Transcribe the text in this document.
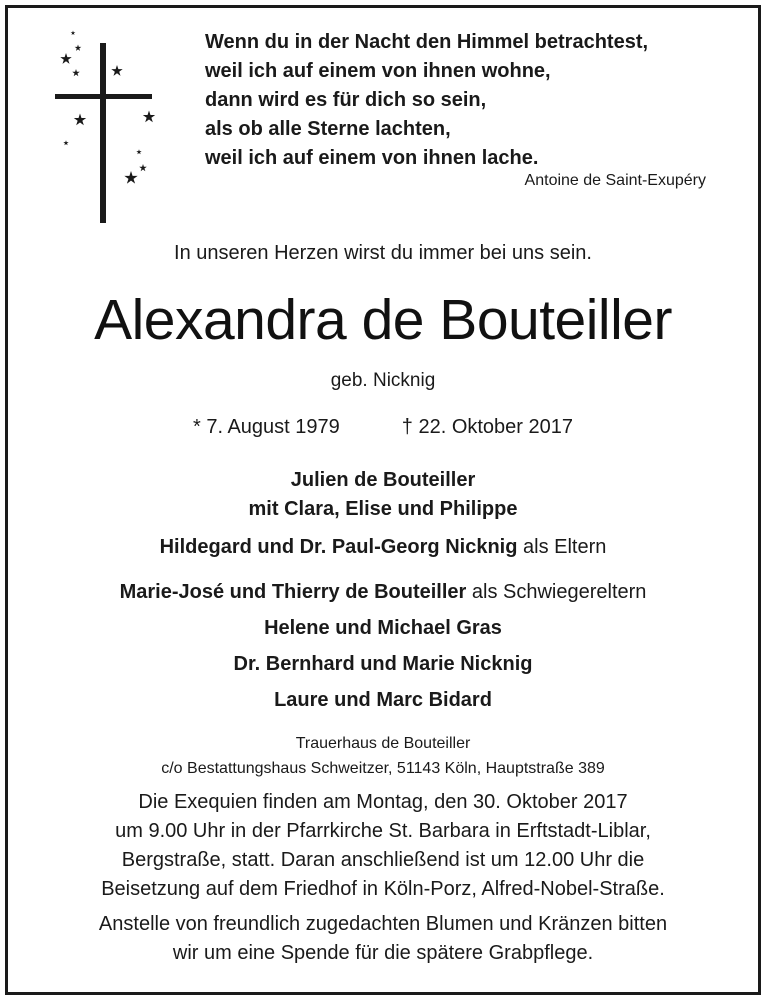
Wenn du in der Nacht den Himmel betrachtest,
weil ich auf einem von ihnen wohne,
dann wird es für dich so sein,
als ob alle Sterne lachten,
weil ich auf einem von ihnen lache.
Antoine de Saint-Exupéry
In unseren Herzen wirst du immer bei uns sein.
Alexandra de Bouteiller
geb. Nicknig
* 7. August 1979	† 22. Oktober 2017
Julien de Bouteiller
mit Clara, Elise und Philippe
Hildegard und Dr. Paul-Georg Nicknig als Eltern
Marie-José und Thierry de Bouteiller als Schwiegereltern
Helene und Michael Gras
Dr. Bernhard und Marie Nicknig
Laure und Marc Bidard
Trauerhaus de Bouteiller
c/o Bestattungshaus Schweitzer, 51143 Köln, Hauptstraße 389
Die Exequien finden am Montag, den 30. Oktober 2017
um 9.00 Uhr in der Pfarrkirche St. Barbara in Erftstadt-Liblar,
Bergstraße, statt. Daran anschließend ist um 12.00 Uhr die
Beisetzung auf dem Friedhof in Köln-Porz, Alfred-Nobel-Straße.
Anstelle von freundlich zugedachten Blumen und Kränzen bitten
wir um eine Spende für die spätere Grabpflege.
